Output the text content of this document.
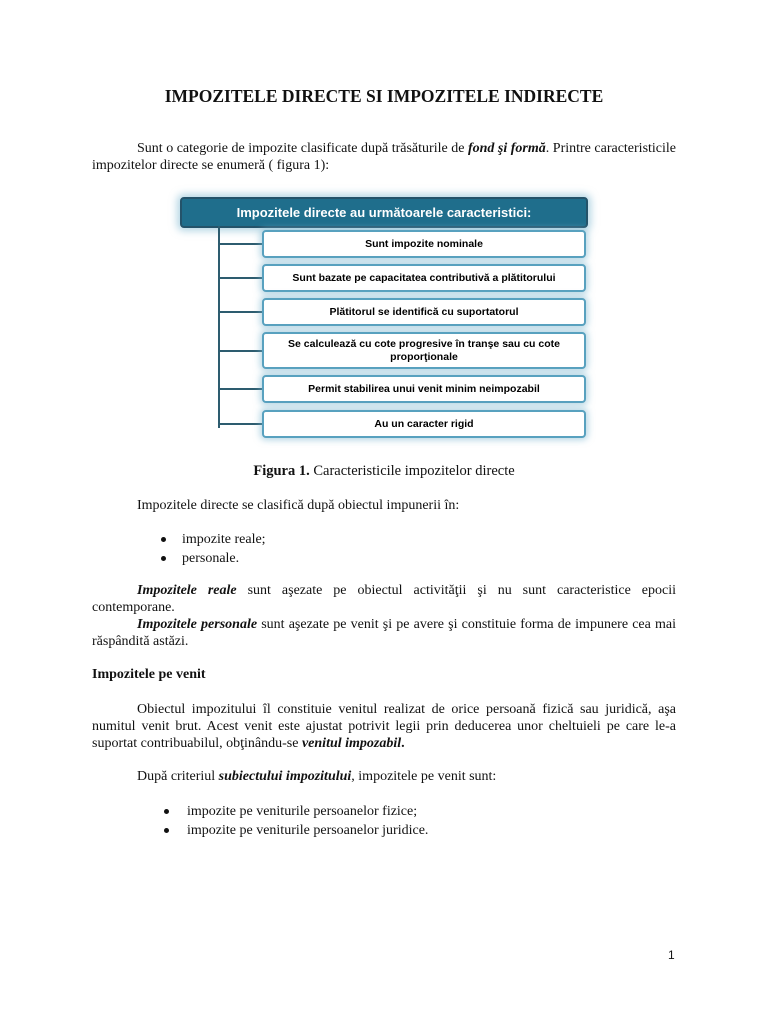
IMPOZITELE DIRECTE SI IMPOZITELE INDIRECTE

Sunt o categorie de impozite clasificate după trăsăturile de fond şi formă. Printre caracteristicile impozitelor directe se enumeră ( figura 1):

Impozitele directe au următoarele caracteristici:
Sunt impozite nominale
Sunt bazate pe capacitatea contributivă a plătitorului
Plătitorul se identifică cu suportatorul
Se calculează cu cote progresive în tranşe sau cu cote proporţionale
Permit stabilirea unui venit minim neimpozabil
Au un caracter rigid
Figura 1. Caracteristicile impozitelor directe

Impozitele directe se clasifică după obiectul impunerii în:

impozite reale;
personale.

Impozitele reale sunt aşezate pe obiectul activităţii şi nu sunt caracteristice epocii contemporane.

Impozitele personale sunt aşezate pe venit şi pe avere şi constituie forma de impunere cea mai răspândită astăzi.

Impozitele pe venit

Obiectul impozitului îl constituie venitul realizat de orice persoană fizică sau juridică, aşa numitul venit brut. Acest venit este ajustat potrivit legii prin deducerea unor cheltuieli pe care le-a suportat contribuabilul, obţinându-se venitul impozabil.

După criteriul subiectului impozitului, impozitele pe venit sunt:

impozite pe veniturile persoanelor fizice;
impozite pe veniturile persoanelor juridice.
1
